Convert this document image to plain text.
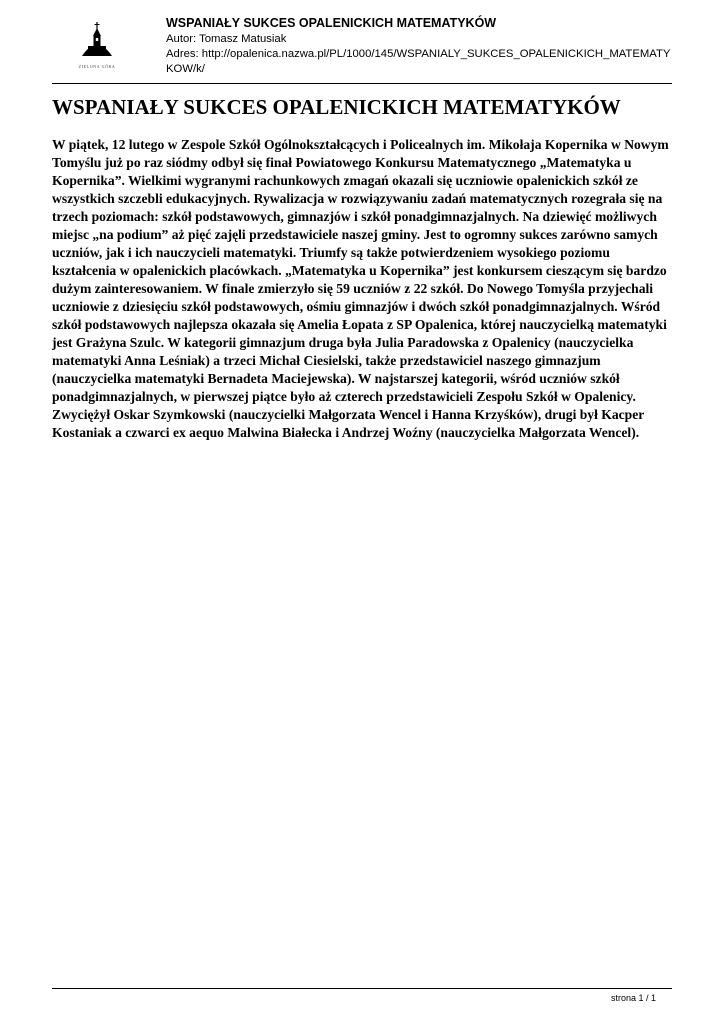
ZIELONA GÓRA
WSPANIAŁY SUKCES OPALENICKICH MATEMATYKÓW
Autor: Tomasz Matusiak
Adres: http://opalenica.nazwa.pl/PL/1000/145/WSPANIALY_SUKCES_OPALENICKICH_MATEMATYKOW/k/
WSPANIAŁY SUKCES OPALENICKICH MATEMATYKÓW

W piątek, 12 lutego w Zespole Szkół Ogólnokształcących i Policealnych im. Mikołaja Kopernika w Nowym Tomyślu już po raz siódmy odbył się finał Powiatowego Konkursu Matematycznego „Matematyka u Kopernika”. Wielkimi wygranymi rachunkowych zmagań okazali się uczniowie opalenickich szkół ze wszystkich szczebli edukacyjnych. Rywalizacja w rozwiązywaniu zadań matematycznych rozegrała się na trzech poziomach: szkół podstawowych, gimnazjów i szkół ponadgimnazjalnych. Na dziewięć możliwych miejsc „na podium” aż pięć zajęli przedstawiciele naszej gminy. Jest to ogromny sukces zarówno samych uczniów, jak i ich nauczycieli matematyki. Triumfy są także potwierdzeniem wysokiego poziomu kształcenia w opalenickich placówkach. „Matematyka u Kopernika” jest konkursem cieszącym się bardzo dużym zainteresowaniem. W finale zmierzyło się 59 uczniów z 22 szkół. Do Nowego Tomyśla przyjechali uczniowie z dziesięciu szkół podstawowych, ośmiu gimnazjów i dwóch szkół ponadgimnazjalnych. Wśród szkół podstawowych najlepsza okazała się Amelia Łopata z SP Opalenica, której nauczycielką matematyki jest Grażyna Szulc. W kategorii gimnazjum druga była Julia Paradowska z Opalenicy (nauczycielka matematyki Anna Leśniak) a trzeci Michał Ciesielski, także przedstawiciel naszego gimnazjum (nauczycielka matematyki Bernadeta Maciejewska). W najstarszej kategorii, wśród uczniów szkół ponadgimnazjalnych, w pierwszej piątce było aż czterech przedstawicieli Zespołu Szkół w Opalenicy. Zwyciężył Oskar Szymkowski (nauczycielki Małgorzata Wencel i Hanna Krzyśków), drugi był Kacper Kostaniak a czwarci ex aequo Malwina Białecka i Andrzej Woźny (nauczycielka Małgorzata Wencel).

strona 1 / 1
